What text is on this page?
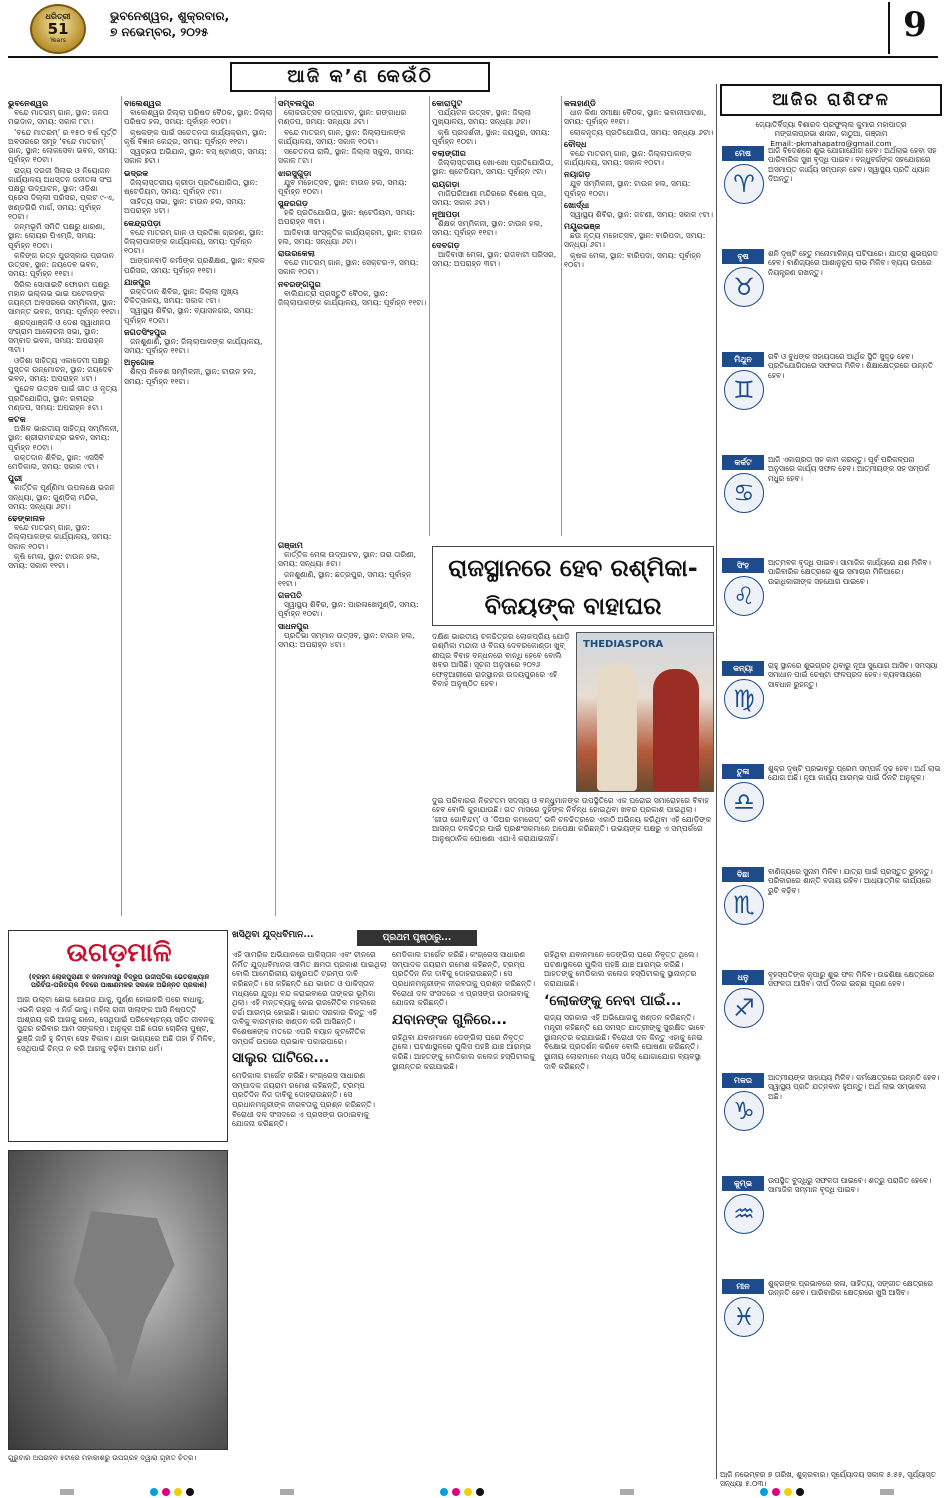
ଧରିତ୍ରୀ
51
Years
ଭୁବନେଶ୍ୱର, ଶୁକ୍ରବାର,
୭ ନଭେମ୍ବର, ୨୦୨୫	9
ଆଜି କ’ଣ କେଉଁଠି
ଭୁବନେଶ୍ୱର
ବନ୍ଦେ ମାତରମ୍ ଗାନ, ସ୍ଥାନ: ଜନତା ମଇଦାନ, ସମୟ: ସକାଳ ୮ଟା।
‘ବନ୍ଦେ ମାତରମ୍’ ର ୧୫୦ ବର୍ଷ ପୂର୍ତ୍ତି ଅବସରରେ ସମୂହ ‘ବନ୍ଦେ ମାତରମ୍’ ଗାନ, ସ୍ଥାନ: ଲୋକସେବା ଭବନ, ସମୟ: ପୂର୍ବାହ୍ନ ୧୦ଟା।
ରାଜ୍ୟ ଦରଜୀ ସିଲାଇ ଓ ନିୟୋଜନ କାର୍ଯ୍ୟାଳୟ ଅଧସ୍ତନ ଜନୀତଳା ସଂଘ ପକ୍ଷରୁ ଉଦ୍‌ଘାଟନ, ସ୍ଥାନ: ଓଡ଼ିଶା ପ୍ରେସ ଦିଲ୍ଲୀ ପରିସର, ପ୍ଲଟ ୯-ଏ, ଖଣ୍ଡଗିରି ମାର୍ଗ, ସମୟ: ପୂର୍ବାହ୍ନ ୧୦ଟା।
ଜନ୍ମଭୂମି ସମିତି ପକ୍ଷରୁ ଧାରଣା, ସ୍ଥାନ: ଲୋୟର ପିଏମ୍‌ଜି, ସମୟ: ପୂର୍ବାହ୍ନ ୧୦ଟା।
କଳିଙ୍ଗ ରତ୍ନ ପୁରସ୍କାର ପ୍ରଦାନ ଉତ୍ସବ, ସ୍ଥାନ: ଜୟଦେବ ଭବନ, ସମୟ: ପୂର୍ବାହ୍ନ ୧୧ଟା।
ସିରିଲ ସୋସାଇଟି ଫୋରମ ପକ୍ଷରୁ ମହାନ ଭଲ୍ଲଭ ଭାଇ ପଟେଲଙ୍କ ଜୟନ୍ତୀ ଅବସରରେ ସମ୍ମିଳନୀ, ସ୍ଥାନ: ସାମନ୍ତ ଭବନ, ସମୟ: ପୂର୍ବାହ୍ନ ୧୧ଟା।
ଶ୍ରଦ୍ଧାଞ୍ଜଳି ଓ ଦେଶ ସ୍ୱାଧୀନତା ସଂଗ୍ରାମ ଆଲୋଚନା ସଭା, ସ୍ଥାନ: ସମ୍ବାଦ ଭବନ, ସମୟ: ଅପରାହ୍ନ ୩ଟା।
ଓଡ଼ିଶା ସାହିତ୍ୟ ଏକାଡେମୀ ପକ୍ଷରୁ ପୁସ୍ତକ ଉନ୍ମୋଚନ, ସ୍ଥାନ: ଜୟଦେବ ଭବନ, ସମୟ: ଅପରାହ୍ନ ୪ଟା।
ପୁନ୍ଦେବ ଉତ୍ସବ ପାଇଁ ଗୀତ ଓ ନୃତ୍ୟ ପ୍ରତିଯୋଗିତା, ସ୍ଥାନ: ରବୀନ୍ଦ୍ର ମଣ୍ଡପ, ସମୟ: ଅପରାହ୍ନ ୫ଟା।
କଟକ
ଅଖିଳ ଭାରତୀୟ ସାହିତ୍ୟ ସମ୍ମିଳନୀ, ସ୍ଥାନ: ଶ୍ରୀରାମଚନ୍ଦ୍ର ଭବନ, ସମୟ: ପୂର୍ବାହ୍ନ ୧୦ଟା।
ରକ୍ତଦାନ ଶିବିର, ସ୍ଥାନ: ଏସସିବି ମେଡିକାଲ, ସମୟ: ସକାଳ ୯ଟା।
ପୁରୀ
କାର୍ତ୍ତିକ ପୂର୍ଣ୍ଣିମା ଉପଲକ୍ଷେ ଭଜନ ସନ୍ଧ୍ୟା, ସ୍ଥାନ: ଗୁଣ୍ଡିଚା ମନ୍ଦିର, ସମୟ: ସନ୍ଧ୍ୟା ୬ଟା।
ଢେଙ୍କାନାଳ
ବନ୍ଦେ ମାତରମ୍ ଗାନ, ସ୍ଥାନ: ଜିଲ୍ଲାପାଳଙ୍କ କାର୍ଯ୍ୟାଳୟ, ସମୟ: ସକାଳ ୧୦ଟା।
କୃଷି ମେଳା, ସ୍ଥାନ: ଟାଉନ ହଲ, ସମୟ: ସକାଳ ୧୧ଟା।
ବାଲେଶ୍ୱର
ବାଲେଶ୍ୱର ଜିଲ୍ଲା ପରିଷଦ ବୈଠକ, ସ୍ଥାନ: ଜିଲ୍ଲା ପରିଷଦ ହଲ, ସମୟ: ପୂର୍ବାହ୍ନ ୧୦ଟା।
କୃଷକଙ୍କ ପାଇଁ ସଚେତନତା କାର୍ଯ୍ୟକ୍ରମ, ସ୍ଥାନ: କୃଷି ବିଜ୍ଞାନ କେନ୍ଦ୍ର, ସମୟ: ପୂର୍ବାହ୍ନ ୧୧ଟା।
ସ୍ୱଚ୍ଛତା ଅଭିଯାନ, ସ୍ଥାନ: ବସ୍ ଷ୍ଟାଣ୍ଡ, ସମୟ: ସକାଳ ୭ଟା।
ଭଦ୍ରକ
ଜିଲ୍ଲାସ୍ତରୀୟ କ୍ରୀଡ଼ା ପ୍ରତିଯୋଗିତା, ସ୍ଥାନ: ଷ୍ଟେଡିୟମ, ସମୟ: ପୂର୍ବାହ୍ନ ୯ଟା।
ସାହିତ୍ୟ ସଭା, ସ୍ଥାନ: ଟାଉନ ହଲ, ସମୟ: ଅପରାହ୍ନ ୪ଟା।
କେନ୍ଦ୍ରାପଡ଼ା
ବନ୍ଦେ ମାତରମ୍ ଗାନ ଓ ପ୍ରତିଜ୍ଞା ଗ୍ରହଣ, ସ୍ଥାନ: ଜିଲ୍ଲାପାଳଙ୍କ କାର୍ଯ୍ୟାଳୟ, ସମୟ: ପୂର୍ବାହ୍ନ ୧୦ଟା।
ଆଙ୍ଗନବାଡ଼ି କର୍ମୀଙ୍କ ପ୍ରଶିକ୍ଷଣ, ସ୍ଥାନ: ବ୍ଲକ ପରିସର, ସମୟ: ପୂର୍ବାହ୍ନ ୧୧ଟା।
ଯାଜପୁର
ରକ୍ତଦାନ ଶିବିର, ସ୍ଥାନ: ଜିଲ୍ଲା ମୁଖ୍ୟ ଚିକିତ୍ସାଳୟ, ସମୟ: ସକାଳ ୯ଟା।
ସ୍ୱାସ୍ଥ୍ୟ ଶିବିର, ସ୍ଥାନ: ବ୍ୟାସନଗର, ସମୟ: ପୂର୍ବାହ୍ନ ୧୦ଟା।
ଜଗତସିଂହପୁର
ଜନଶୁଣାଣି, ସ୍ଥାନ: ଜିଲ୍ଲାପାଳଙ୍କ କାର୍ଯ୍ୟାଳୟ, ସମୟ: ପୂର୍ବାହ୍ନ ୧୧ଟା।
ଅନୁଗୋଳ
ଶିଳ୍ପ ନିବେଶ ସମ୍ମିଳନୀ, ସ୍ଥାନ: ଟାଉନ ହଲ, ସମୟ: ପୂର୍ବାହ୍ନ ୧୧ଟା।
ସମ୍ବଲପୁର
ଲୋକଉତ୍ସବ ଉଦ୍‌ଘାଟନ, ସ୍ଥାନ: ଗଙ୍ଗାଧର ମଣ୍ଡପ, ସମୟ: ସନ୍ଧ୍ୟା ୬ଟା।
ବନ୍ଦେ ମାତରମ୍ ଗାନ, ସ୍ଥାନ: ଜିଲ୍ଲାପାଳଙ୍କ କାର୍ଯ୍ୟାଳୟ, ସମୟ: ସକାଳ ୧୦ଟା।
ସଚେତନତା ରାଲି, ସ୍ଥାନ: ଜିଲ୍ଲା ସ୍କୁଲ, ସମୟ: ସକାଳ ୮ଟା।
ଝାରସୁଗୁଡ଼ା
ଯୁବ ମହୋତ୍ସବ, ସ୍ଥାନ: ଟାଉନ ହଲ, ସମୟ: ପୂର୍ବାହ୍ନ ୧୦ଟା।
ସୁନ୍ଦରଗଡ଼
ହକି ପ୍ରତିଯୋଗିତା, ସ୍ଥାନ: ଷ୍ଟେଡିୟମ, ସମୟ: ଅପରାହ୍ନ ୩ଟା।
ଆଦିବାସୀ ସାଂସ୍କୃତିକ କାର୍ଯ୍ୟକ୍ରମ, ସ୍ଥାନ: ଟାଉନ ହଲ, ସମୟ: ସନ୍ଧ୍ୟା ୬ଟା।
ରାଉରକେଲା
ବନ୍ଦେ ମାତରମ୍ ଗାନ, ସ୍ଥାନ: ସେକ୍ଟର-୨, ସମୟ: ସକାଳ ୧୦ଟା।
ନବରଙ୍ଗପୁର
ବାଲିଯାତ୍ରା ପ୍ରସ୍ତୁତି ବୈଠକ, ସ୍ଥାନ: ଜିଲ୍ଲାପାଳଙ୍କ କାର୍ଯ୍ୟାଳୟ, ସମୟ: ପୂର୍ବାହ୍ନ ୧୧ଟା।
ଗଞ୍ଜାମ
କାର୍ତ୍ତିକ ମେଳା ଉଦ୍‌ଘାଟନ, ସ୍ଥାନ: ତାରା ତାରିଣୀ, ସମୟ: ସନ୍ଧ୍ୟା ୫ଟା।
ଜନଶୁଣାଣି, ସ୍ଥାନ: ଛତ୍ରପୁର, ସମୟ: ପୂର୍ବାହ୍ନ ୧୧ଟା।
ଗଜପତି
ସ୍ୱାସ୍ଥ୍ୟ ଶିବିର, ସ୍ଥାନ: ପାରଳାଖେମୁଣ୍ଡି, ସମୟ: ପୂର୍ବାହ୍ନ ୧୦ଟା।
ସାଧନପୁର
ପ୍ରତିଭା ସମ୍ମାନ ଉତ୍ସବ, ସ୍ଥାନ: ଟାଉନ ହଲ, ସମୟ: ଅପରାହ୍ନ ୪ଟା।
କୋରାପୁଟ
ପର୍ଯ୍ୟଟନ ଉତ୍ସବ, ସ୍ଥାନ: ଜିଲ୍ଲା ମୁଖ୍ୟାଳୟ, ସମୟ: ସନ୍ଧ୍ୟା ୬ଟା।
କୃଷି ପ୍ରଦର୍ଶନୀ, ସ୍ଥାନ: ଜୟପୁର, ସମୟ: ପୂର୍ବାହ୍ନ ୧୦ଟା।
ବଲାଙ୍ଗୀର
ଜିଲ୍ଲାସ୍ତରୀୟ ଖୋ-ଖୋ ପ୍ରତିଯୋଗିତା, ସ୍ଥାନ: ଷ୍ଟେଡିୟମ, ସମୟ: ପୂର୍ବାହ୍ନ ୯ଟା।
ରାୟଗଡ଼ା
ମାଜିଘରିଆଣୀ ମନ୍ଦିରରେ ବିଶେଷ ପୂଜା, ସମୟ: ସକାଳ ୬ଟା।
ନୂଆପଡ଼ା
ଶିକ୍ଷକ ସମ୍ମିଳନୀ, ସ୍ଥାନ: ଟାଉନ ହଲ, ସମୟ: ପୂର୍ବାହ୍ନ ୧୧ଟା।
ଦେବଗଡ଼
ଆଦିବାସୀ ମେଳା, ସ୍ଥାନ: ରାଜବାଟୀ ପରିସର, ସମୟ: ଅପରାହ୍ନ ୩ଟା।
କଳାହାଣ୍ଡି
ଧାନ କିଣା ସମୀକ୍ଷା ବୈଠକ, ସ୍ଥାନ: ଭବାନୀପାଟଣା, ସମୟ: ପୂର୍ବାହ୍ନ ୧୧ଟା।
ଲୋକନୃତ୍ୟ ପ୍ରତିଯୋଗିତା, ସମୟ: ସନ୍ଧ୍ୟା ୬ଟା।
ବୌଦ୍ଧ
ବନ୍ଦେ ମାତରମ୍ ଗାନ, ସ୍ଥାନ: ଜିଲ୍ଲାପାଳଙ୍କ କାର୍ଯ୍ୟାଳୟ, ସମୟ: ସକାଳ ୧୦ଟା।
ନୟାଗଡ଼
ଯୁବ ସମ୍ମିଳନୀ, ସ୍ଥାନ: ଟାଉନ ହଲ, ସମୟ: ପୂର୍ବାହ୍ନ ୧୦ଟା।
ଖୋର୍ଦ୍ଧା
ସ୍ୱାସ୍ଥ୍ୟ ଶିବିର, ସ୍ଥାନ: ଜଟଣୀ, ସମୟ: ସକାଳ ୯ଟା।
ମୟୂରଭଞ୍ଜ
ଛଉ ନୃତ୍ୟ ମହୋତ୍ସବ, ସ୍ଥାନ: ବାରିପଦା, ସମୟ: ସନ୍ଧ୍ୟା ୬ଟା।
କୃଷକ ମେଳା, ସ୍ଥାନ: ବାରିପଦା, ସମୟ: ପୂର୍ବାହ୍ନ ୧୦ଟା।
ରାଜସ୍ଥାନରେ ହେବ ରଶ୍ମିକା-ବିଜୟଙ୍କ ବାହାଘର
ଦକ୍ଷିଣ ଭାରତୀୟ ଚଳଚ୍ଚିତ୍ରର ଲୋକପ୍ରିୟ ଯୋଡ଼ି ରଶ୍ମିକା ମନ୍ଦାନା ଓ ବିଜୟ ଦେବରକୋଣ୍ଡା ଖୁବ୍ ଶୀଘ୍ର ବିବାହ ବନ୍ଧନରେ ବାନ୍ଧି ହେବେ ବୋଲି ଖବର ଆସିଛି। ସୂଚନା ଅନୁସାରେ ୨୦୨୬ ଫେବୃଆରୀରେ ରାଜସ୍ଥାନର ଉଦୟପୁରରେ ଏହି ବିବାହ ଅନୁଷ୍ଠିତ ହେବ।
THEDIASPORA
ଦୁଇ ପରିବାରର ନିକଟତମ ସଦସ୍ୟ ଓ ବନ୍ଧୁମାନଙ୍କ ଉପସ୍ଥିତିରେ ଏକ ଘରୋଇ ସମାରୋହରେ ବିବାହ ହେବ ବୋଲି କୁହାଯାଉଛି। ଗତ ମାସରେ ଦୁହିଁଙ୍କ ନିର୍ବନ୍ଧ ହୋଇଥିବା ଖବର ପ୍ରକାଶ ପାଇଥିଲା। ‘ଗୀତା ଗୋବିନ୍ଦମ୍’ ଓ ‘ଡିଅର କମରେଡ୍’ ଭଳି ଚଳଚ୍ଚିତ୍ରରେ ଏକାଠି ଅଭିନୟ କରିଥିବା ଏହି ଯୋଡ଼ିଙ୍କ ଆସନ୍ତା ଚଳଚ୍ଚିତ୍ର ପାଇଁ ପ୍ରଶଂସକମାନେ ଅପେକ୍ଷା କରିଛନ୍ତି। ଉଭୟଙ୍କ ପକ୍ଷରୁ ଏ ସମ୍ପର୍କରେ ଆନୁଷ୍ଠାନିକ ଘୋଷଣା ଏଯାଏଁ କରାଯାଇନାହିଁ।
ଉଗଡ଼ମାଳି
(ବ୍ରହ୍ମ ଲୋକପୁରାଣୀ ବ ଜନମାନସରୁ ବିଦ୍ରୂପ ଉଦ୍ଦୀପ୍ତିକା ଭେତରାଖ୍ୟାନ ପରିଚିତା-ପରିଚୟକ ବିଚରେ ପାଷାଣମଳର ସକାଳେ ଅଭିନ୍ନତ ପ୍ରକାଶ)
ଆଗ ଉଲ୍ଟା ଛୋଇ ଯୋଗଜ ଯାକୁ, ପୁର୍ଣ୍ଣ ହୋଇକରି ପରେ ବାଧାକୁ, ଏଭଳି ରହ୍ର ଏ ନିର୍ଜ ଭାକୁ। ମହିଲା ରାଜୀ ସାଲାଙ୍କ ଆସି ନିଷ୍ପତ୍ତି ଆଶ୍ରୟ କରି ଆଗକୁ ଗଲେ, ସେଥିପାଇଁ ପରିବେଷ୍ଟନ୍ୟ ସହିତ ଜୀବନକୁ ସୁନ୍ଦର କରିବାର ଆମ ସଙ୍କଳ୍ପ। ଅନୁକୂଳ ଅଛି ତୋର ଚୋରିଲା ପୁଷ୍ଟ, ଭୁଞ୍ଜି ଜାହି ହୁ କିମ୍ବା ସେହ ବିକାଳ। ଯାହା ଭାଗ୍ୟରେ ଅଛି ତାହା ହିଁ ମିଳିବ, ସେଥିପାଇଁ ଚିନ୍ତା ନ କରି ଆଗକୁ ବଢ଼ିବା ଆମର ଧର୍ମ।
ଗୁରୁବାର ଅପରାହ୍ନ ୫ଟାରେ ମହାକାଶରୁ ଉପଗ୍ରହ ଦ୍ୱାରା ଗୃହୀତ ଚିତ୍ର।
ଖସିଥିବା ଯୁଦ୍ଧବିମାନ...	ପ୍ରଥମ ପୃଷ୍ଠାରୁ...
ଏହି ସାମରିକ ଅଭିଯାନରେ ପାକିସ୍ତାନ ଏବଂ ଚୀନରେ ନିର୍ମିତ ଯୁଦ୍ଧବିମାନର ସୀମିତ କ୍ଷମତା ପ୍ରକାଶ ପାଇଥିଲା ବୋଲି ଆମେରିକୀୟ ରାଷ୍ଟ୍ରପତି ଟ୍ରମ୍ପ ଦାବି କରିଛନ୍ତି। ସେ କହିଛନ୍ତି ଯେ ଭାରତ ଓ ପାକିସ୍ତାନ ମଧ୍ୟରେ ଯୁଦ୍ଧ ବନ୍ଦ କରାଇବାରେ ତାଙ୍କର ଭୂମିକା ଥିଲା। ଏହି ମନ୍ତବ୍ୟକୁ ନେଇ ରାଜନୈତିକ ମହଲରେ ଚର୍ଚ୍ଚା ଆରମ୍ଭ ହୋଇଛି। ଭାରତ ସରକାର କିନ୍ତୁ ଏହି ଦାବିକୁ ବାରମ୍ବାର ଖଣ୍ଡନ କରି ଆସିଛନ୍ତି। ବିଶେଷଜ୍ଞଙ୍କ ମତରେ ଏପରି ବୟାନ କୂଟନୈତିକ ସମ୍ପର୍କ ଉପରେ ପ୍ରଭାବ ପକାଇପାରେ।
ସାଲୁର ଘାଟିରେ...
ମେଡିକାଲ ଟାର୍ଗେଟ କରିଛି। କଂଗ୍ରେସ ସାଧାରଣ ସମ୍ପାଦକ ଜୟରାମ ରମେଶ କହିଛନ୍ତି, ଟ୍ରମ୍ପ ପ୍ରତିଦିନ ନିଜ ଦାବିକୁ ଦୋହରାଉଛନ୍ତି। ସେ ପ୍ରଧାନମନ୍ତ୍ରୀଙ୍କ ନୀରବତାକୁ ପ୍ରଶ୍ନ କରିଛନ୍ତି। ବିରୋଧୀ ଦଳ ସଂସଦରେ ଏ ପ୍ରସଙ୍ଗ ଉଠାଇବାକୁ ଯୋଜନା କରିଛନ୍ତି।
ମେଡିକାଲ ଟାର୍ଗେଟ କରିଛି। କଂଗ୍ରେସ ସାଧାରଣ ସମ୍ପାଦକ ଜୟରାମ ରମେଶ କହିଛନ୍ତି, ଟ୍ରମ୍ପ ପ୍ରତିଦିନ ନିଜ ଦାବିକୁ ଦୋହରାଉଛନ୍ତି। ସେ ପ୍ରଧାନମନ୍ତ୍ରୀଙ୍କ ନୀରବତାକୁ ପ୍ରଶ୍ନ କରିଛନ୍ତି। ବିରୋଧୀ ଦଳ ସଂସଦରେ ଏ ପ୍ରସଙ୍ଗ ଉଠାଇବାକୁ ଯୋଜନା କରିଛନ୍ତି।
ଯବାନଙ୍କ ଗୁଳିରେ...
ରହିଥିବା ଯବାନମାନେ ଡେଙ୍ଗିଲା ଘରେ ନିବୃତ୍ତ ଥିଲେ। ଘଟଣାସ୍ଥଳରେ ପୁଲିସ ପହଞ୍ଚି ଯାଞ୍ଚ ଆରମ୍ଭ କରିଛି। ଆହତଙ୍କୁ ମେଡିକାଲ କଲେଜ ହସ୍ପିଟାଲକୁ ସ୍ଥାନାନ୍ତର କରାଯାଇଛି।
ରହିଥିବା ଯବାନମାନେ ଡେଙ୍ଗିଲା ଘରେ ନିବୃତ୍ତ ଥିଲେ। ଘଟଣାସ୍ଥଳରେ ପୁଲିସ ପହଞ୍ଚି ଯାଞ୍ଚ ଆରମ୍ଭ କରିଛି। ଆହତଙ୍କୁ ମେଡିକାଲ କଲେଜ ହସ୍ପିଟାଲକୁ ସ୍ଥାନାନ୍ତର କରାଯାଇଛି।
‘ଲୋକଙ୍କୁ ନେବା ପାଇଁ...
ରାଜ୍ୟ ସରକାର ଏହି ଅଭିଯୋଗକୁ ଖଣ୍ଡନ କରିଛନ୍ତି। ମନ୍ତ୍ରୀ କହିଛନ୍ତି ଯେ ସମସ୍ତ ଯାତ୍ରୀଙ୍କୁ ସୁରକ୍ଷିତ ଭାବେ ସ୍ଥାନାନ୍ତର କରାଯାଇଛି। ବିରୋଧୀ ଦଳ କିନ୍ତୁ ଏହାକୁ ନେଇ ବିକ୍ଷୋଭ ପ୍ରଦର୍ଶନ କରିବେ ବୋଲି ଘୋଷଣା କରିଛନ୍ତି। ସ୍ଥାନୀୟ ଲୋକମାନେ ମଧ୍ୟ ସଠିକ୍ ଯୋଗାଯୋଗ ବ୍ୟବସ୍ଥା ଦାବି କରିଛନ୍ତି।
ଆଜିର ରାଶିଫଳ
ଜ୍ୟୋତିର୍ବିଦ୍ୟା ବିଶାରଦ ପ୍ରଫୁଲ୍ଲ କୁମାର ମହାପାତ୍ର
ମଙ୍ଗଳାପ୍ରଭା ଶାସନ, କାଠୁଆ, ଗଞ୍ଜାମ
Email:-pkmahapatro@gmail.com
ମେଷ
♈
ଆଜି ବିଦେଶରେ ଶୁଭ ଯୋଗାଯୋଗ ହେବ। ଅର୍ଥଲାଭ ହେବା ସହ ପାରିବାରିକ ସୁଖ ବୃଦ୍ଧି ପାଇବ। ବନ୍ଧୁବର୍ଗଙ୍କ ସହଯୋଗରେ ଅସମାପ୍ତ କାର୍ଯ୍ୟ ସମ୍ପନ୍ନ ହେବ। ସ୍ୱାସ୍ଥ୍ୟ ପ୍ରତି ଧ୍ୟାନ ଦିଅନ୍ତୁ।
ବୃଷ
♉
ଶନି ଦୃଷ୍ଟି ହେତୁ ମନୋମାଳିନ୍ୟ ଘଟିପାରେ। ଯାତ୍ରା ଶୁଭପ୍ରଦ ହେବ। ବାଣିଜ୍ୟରେ ଆଶାନୁରୂପ ଲାଭ ମିଳିବ। ବ୍ୟୟ ଉପରେ ନିୟନ୍ତ୍ରଣ ରଖନ୍ତୁ।
ମିଥୁନ
♊
ରବି ଓ ବୁଧଙ୍କ ସହାୟତାରେ ଆର୍ଥିକ ସ୍ଥିତି ସୁଦୃଢ଼ ହେବ। ପ୍ରତିଯୋଗିତାରେ ସଫଳତା ମିଳିବ। ଶିକ୍ଷାକ୍ଷେତ୍ରରେ ଉନ୍ନତି ହେବ।
କର୍କଟ
♋
ଆଜି ଏକାଗ୍ରତା ସହ କାମ କରନ୍ତୁ। ପୂର୍ବ ପରିକଳ୍ପନା ଅନୁସାରେ କାର୍ଯ୍ୟ ସଫଳ ହେବ। ଆତ୍ମୀୟଙ୍କ ସହ ସମ୍ପର୍କ ମଧୁର ହେବ।
ସିଂହ
♌
ଆତ୍ମବଳ ବୃଦ୍ଧି ପାଇବ। ସାମାଜିକ କାର୍ଯ୍ୟରେ ଯଶ ମିଳିବ। ପାରିବାରିକ କ୍ଷେତ୍ରରେ ଶୁଭ ସମାଚାର ମିଳିପାରେ। ଉଚ୍ଚାଧିକାରୀଙ୍କ ସହଯୋଗ ପାଇବେ।
କନ୍ୟା
♍
ରାହୁ ସ୍ଥାନରେ ଶୁଭଗ୍ରହ ଥିବାରୁ ନୂଆ ସୁଯୋଗ ଆସିବ। ସମସ୍ୟା ସମାଧାନ ପାଇଁ ଚେଷ୍ଟା ଫଳପ୍ରଦ ହେବ। ବ୍ୟବସାୟରେ ସାବଧାନ ରୁହନ୍ତୁ।
ତୁଳା
♎
ଶୁକ୍ର ଦୃଷ୍ଟି ପ୍ରଭାବରୁ ପ୍ରେମ ସମ୍ପର୍କ ଦୃଢ଼ ହେବ। ଅର୍ଥ ଲାଭ ଯୋଗ ଅଛି। ନୂଆ କାର୍ଯ୍ୟ ଆରମ୍ଭ ପାଇଁ ଦିନଟି ଅନୁକୂଳ।
ବିଛା
♏
ବାଣିଜ୍ୟରେ ସୁନାମ ମିଳିବ। ଯାତ୍ରା ପାଇଁ ପ୍ରସ୍ତୁତ ରୁହନ୍ତୁ। ପରିବାରରେ ଶାନ୍ତି ବଜାୟ ରହିବ। ଆଧ୍ୟାତ୍ମିକ କାର୍ଯ୍ୟରେ ରୁଚି ବଢ଼ିବ।
ଧନୁ
♐
ବୃହସ୍ପତିଙ୍କ କୃପାରୁ ଶୁଭ ଫଳ ମିଳିବ। ଉଚ୍ଚଶିକ୍ଷା କ୍ଷେତ୍ରରେ ସଫଳତା ଆସିବ। ଦୀର୍ଘ ଦିନର ଇଚ୍ଛା ପୂରଣ ହେବ।
ମକର
♑
ଆତ୍ମୀୟଙ୍କ ସାହାଯ୍ୟ ମିଳିବ। କର୍ମକ୍ଷେତ୍ରରେ ଉନ୍ନତି ହେବ। ସ୍ୱାସ୍ଥ୍ୟ ପ୍ରତି ଯତ୍ନବାନ ହୁଅନ୍ତୁ। ଅର୍ଥ ଲାଭ ସମ୍ଭାବନା ଅଛି।
କୁମ୍ଭ
♒
ଉପସ୍ଥିତ ବୁଦ୍ଧିରୁ ସଫଳତା ପାଇବେ। ଶତ୍ରୁ ପରାଜିତ ହେବେ। ସାମାଜିକ ସମ୍ମାନ ବୃଦ୍ଧି ପାଇବ।
ମୀନ
♓
ଶୁକ୍ରଙ୍କ ପ୍ରଭାବରେ କଳା, ସାହିତ୍ୟ, ସଙ୍ଗୀତ କ୍ଷେତ୍ରରେ ଉନ୍ନତି ହେବ। ପାରିବାରିକ କ୍ଷେତ୍ରରେ ଖୁସି ଆସିବ।
ଆଜି ନଭେମ୍ବର ୭ ତାରିଖ, ଶୁକ୍ରବାର। ସୂର୍ଯ୍ୟୋଦୟ ସକାଳ ୫.୫୫, ସୂର୍ଯ୍ୟାସ୍ତ ସନ୍ଧ୍ୟା ୫.୦୩।
